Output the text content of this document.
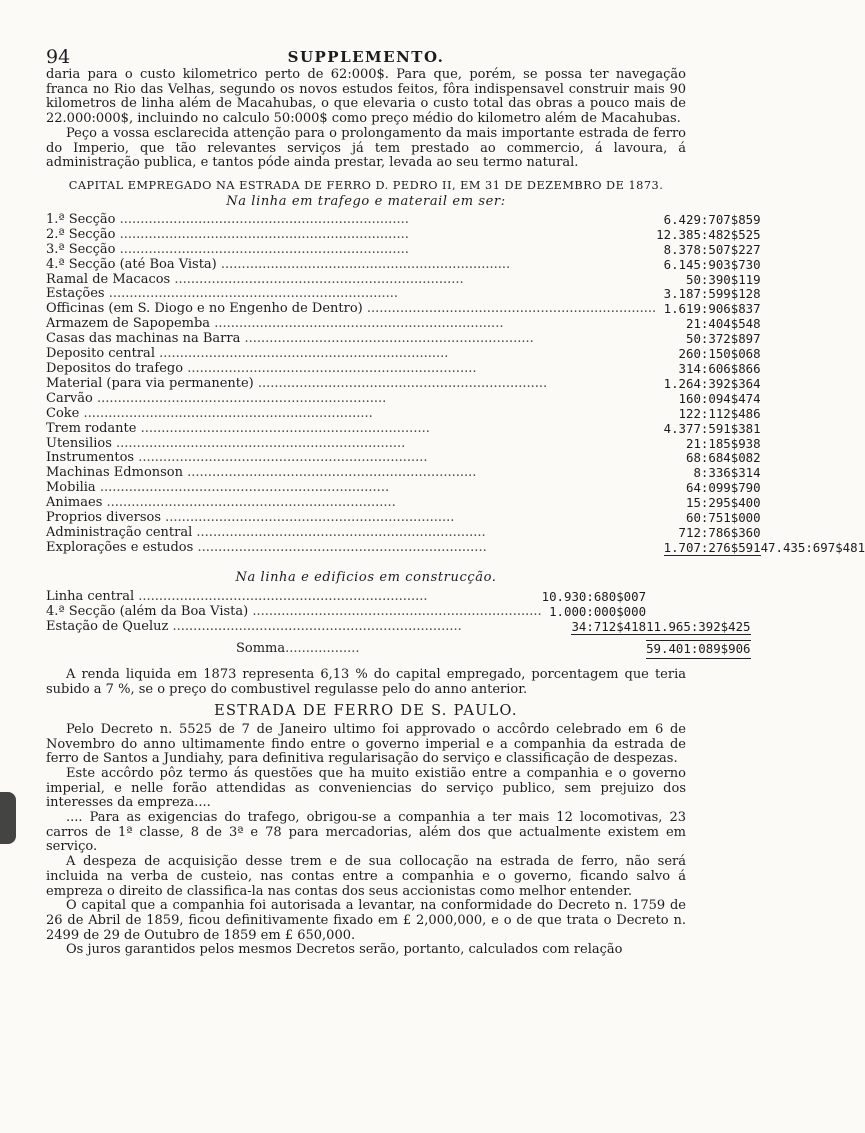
94	SUPPLEMENTO.

daria para o custo kilometrico perto de 62:000$. Para que, porém, se possa ter navegação franca no Rio das Velhas, segundo os novos estudos feitos, fôra indispensavel construir mais 90 kilometros de linha além de Macahubas, o que elevaria o custo total das obras a pouco mais de 22.000:000$, incluindo no calculo 50:000$ como preço médio do kilometro além de Macahubas.

Peço a vossa esclarecida attenção para o prolongamento da mais importante estrada de ferro do Imperio, que tão relevantes serviços já tem prestado ao commercio, á lavoura, á administração publica, e tantos póde ainda prestar, levada ao seu termo natural.

CAPITAL EMPREGADO NA ESTRADA DE FERRO D. PEDRO II, EM 31 DE DEZEMBRO DE 1873.
Na linha em trafego e materail em ser:
1.ª Secção ......................................................................	6.429:707$859	
2.ª Secção ......................................................................	12.385:482$525	
3.ª Secção ......................................................................	8.378:507$227	
4.ª Secção (até Boa Vista) ......................................................................	6.145:903$730	
Ramal de Macacos ......................................................................	50:390$119	
Estações ......................................................................	3.187:599$128	
Officinas (em S. Diogo e no Engenho de Dentro) ......................................................................	1.619:906$837	
Armazem de Sapopemba ......................................................................	21:404$548	
Casas das machinas na Barra ......................................................................	50:372$897	
Deposito central ......................................................................	260:150$068	
Depositos do trafego ......................................................................	314:606$866	
Material (para via permanente) ......................................................................	1.264:392$364	
Carvão ......................................................................	160:094$474	
Coke ......................................................................	122:112$486	
Trem rodante ......................................................................	4.377:591$381	
Utensilios ......................................................................	21:185$938	
Instrumentos ......................................................................	68:684$082	
Machinas Edmonson ......................................................................	8:336$314	
Mobilia ......................................................................	64:099$790	
Animaes ......................................................................	15:295$400	
Proprios diversos ......................................................................	60:751$000	
Administração central ......................................................................	712:786$360	
Explorações e estudos ......................................................................	1.707:276$591	47.435:697$481
Na linha e edificios em construcção.
Linha central ......................................................................	10.930:680$007	
4.ª Secção (além da Boa Vista) ......................................................................	1.000:000$000	
Estação de Queluz ......................................................................	34:712$418	11.965:392$425
Somma..................		59.401:089$906

A renda liquida em 1873 representa 6,13 % do capital empregado, porcentagem que teria subido a 7 %, se o preço do combustivel regulasse pelo do anno anterior.

ESTRADA DE FERRO DE S. PAULO.

Pelo Decreto n. 5525 de 7 de Janeiro ultimo foi approvado o accôrdo celebrado em 6 de Novembro do anno ultimamente findo entre o governo imperial e a companhia da estrada de ferro de Santos a Jundiahy, para definitiva regularisação do serviço e classificação de despezas.

Este accôrdo pôz termo ás questões que ha muito existião entre a companhia e o governo imperial, e nelle forão attendidas as conveniencias do serviço publico, sem prejuizo dos interesses da empreza....

.... Para as exigencias do trafego, obrigou-se a companhia a ter mais 12 locomotivas, 23 carros de 1ª classe, 8 de 3ª e 78 para mercadorias, além dos que actualmente existem em serviço.

A despeza de acquisição desse trem e de sua collocação na estrada de ferro, não será incluida na verba de custeio, nas contas entre a companhia e o governo, ficando salvo á empreza o direito de classifica-la nas contas dos seus accionistas como melhor entender.

O capital que a companhia foi autorisada a levantar, na conformidade do Decreto n. 1759 de 26 de Abril de 1859, ficou definitivamente fixado em £ 2,000,000, e o de que trata o Decreto n. 2499 de 29 de Outubro de 1859 em £ 650,000.

Os juros garantidos pelos mesmos Decretos serão, portanto, calculados com relação
